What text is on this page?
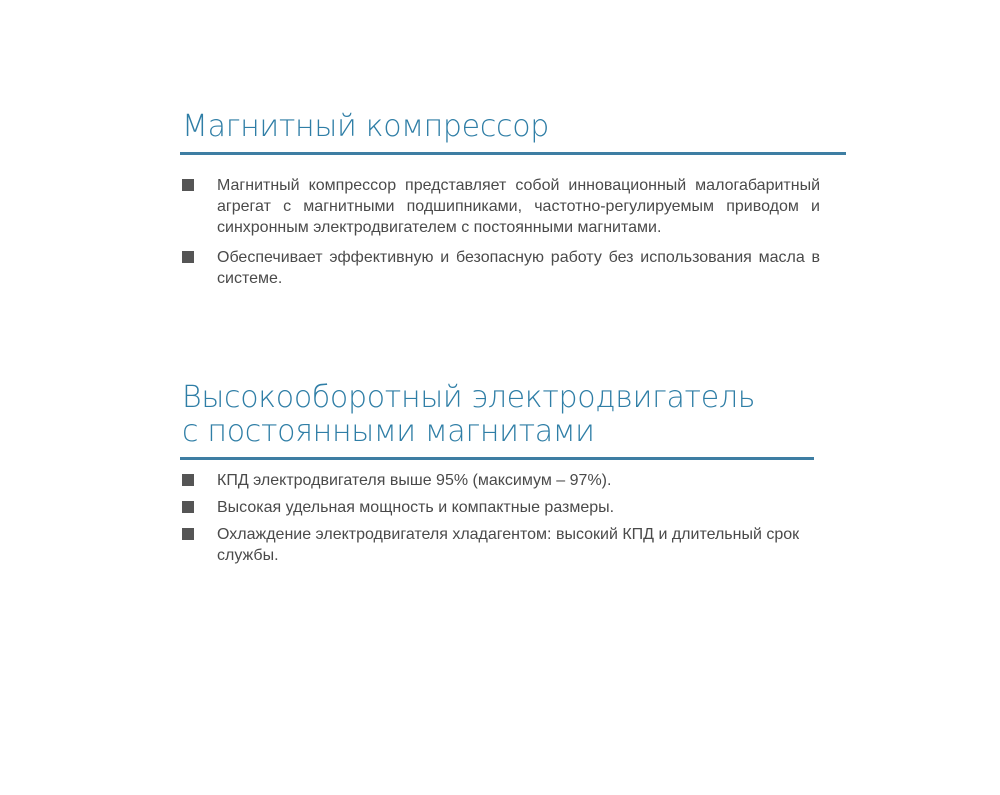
Магнитный компрессор
Магнитный компрессор представляет собой инновационный малогабаритный агрегат с магнитными подшипниками, частотно-регулируемым приводом и синхронным электродвигателем с постоянными магнитами.
Обеспечивает эффективную и безопасную работу без использования масла в системе.
Высокооборотный электродвигатель
с постоянными магнитами
КПД электродвигателя выше 95% (максимум – 97%).
Высокая удельная мощность и компактные размеры.
Охлаждение электродвигателя хладагентом: высокий КПД и длительный срок службы.
